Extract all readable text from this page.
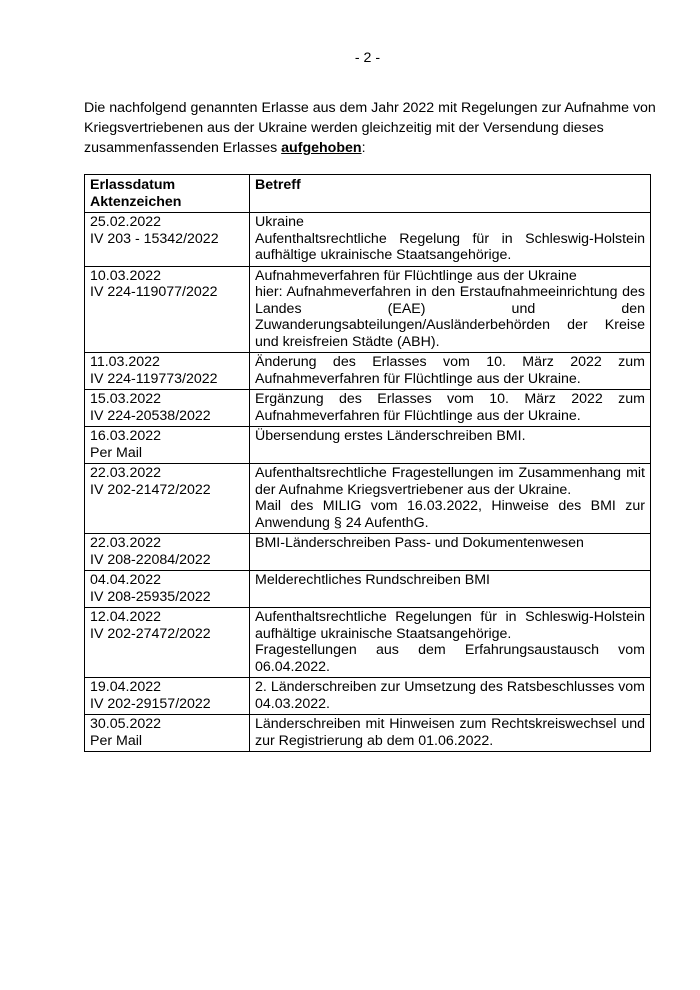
- 2 -

Die nachfolgend genannten Erlasse aus dem Jahr 2022 mit Regelungen zur Aufnahme von Kriegsvertriebenen aus der Ukraine werden gleichzeitig mit der Versendung dieses zusammenfassenden Erlasses aufgehoben:

Erlassdatum
Aktenzeichen	Betreff

25.02.2022
IV 203 - 15342/2022	Ukraine
Aufenthaltsrechtliche Regelung für in Schleswig-Holstein aufhältige ukrainische Staatsangehörige.

10.03.2022
IV 224-119077/2022	Aufnahmeverfahren für Flüchtlinge aus der Ukraine
hier: Aufnahmeverfahren in den Erstaufnahmeeinrichtung des Landes (EAE) und den Zuwanderungsabteilungen/Ausländerbehörden der Kreise und kreisfreien Städte (ABH).

11.03.2022
IV 224-119773/2022	Änderung des Erlasses vom 10. März 2022 zum Aufnahmeverfahren für Flüchtlinge aus der Ukraine.

15.03.2022
IV 224-20538/2022	Ergänzung des Erlasses vom 10. März 2022 zum Aufnahmeverfahren für Flüchtlinge aus der Ukraine.

16.03.2022
Per Mail	Übersendung erstes Länderschreiben BMI.

22.03.2022
IV 202-21472/2022	Aufenthaltsrechtliche Fragestellungen im Zusammenhang mit der Aufnahme Kriegsvertriebener aus der Ukraine.
Mail des MILIG vom 16.03.2022, Hinweise des BMI zur Anwendung § 24 AufenthG.

22.03.2022
IV 208-22084/2022	BMI-Länderschreiben Pass- und Dokumentenwesen

04.04.2022
IV 208-25935/2022	Melderechtliches Rundschreiben BMI

12.04.2022
IV 202-27472/2022	Aufenthaltsrechtliche Regelungen für in Schleswig-Holstein aufhältige ukrainische Staatsangehörige.
Fragestellungen aus dem Erfahrungsaustausch vom 06.04.2022.

19.04.2022
IV 202-29157/2022	2. Länderschreiben zur Umsetzung des Ratsbeschlusses vom 04.03.2022.

30.05.2022
Per Mail	Länderschreiben mit Hinweisen zum Rechtskreiswechsel und zur Registrierung ab dem 01.06.2022.
